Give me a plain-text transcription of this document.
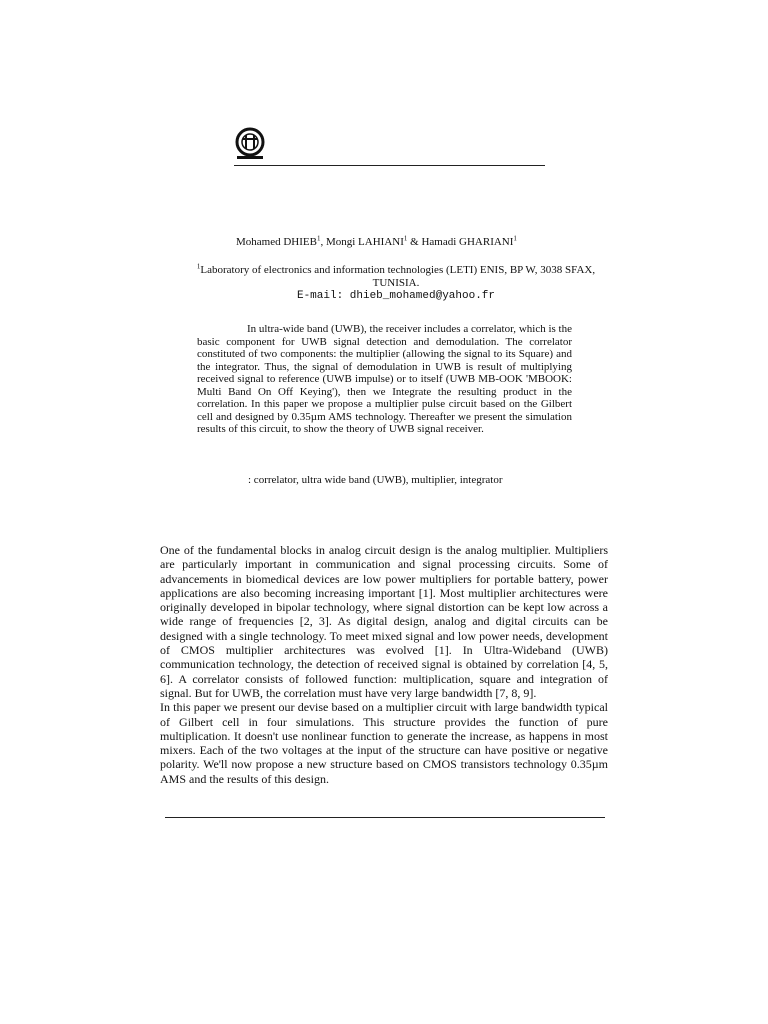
Mohamed DHIEB$^1$, Mongi LAHIANI$^1$ & Hamadi GHARIANI$^1$
$^1$Laboratory of electronics and information technologies (LETI) ENIS, BP W, 3038 SFAX, TUNISIA.
E-mail: dhieb_mohamed@yahoo.fr

In ultra-wide band (UWB), the receiver includes a correlator, which is the basic component for UWB signal detection and demodulation. The correlator constituted of two components: the multiplier (allowing the signal to its Square) and the integrator. Thus, the signal of demodulation in UWB is result of multiplying received signal to reference (UWB impulse) or to itself (UWB MB-OOK 'MBOOK: Multi Band On Off Keying'), then we Integrate the resulting product in the correlation. In this paper we propose a multiplier pulse circuit based on the Gilbert cell and designed by 0.35µm AMS technology. Thereafter we present the simulation results of this circuit, to show the theory of UWB signal receiver.

: correlator, ultra wide band (UWB), multiplier, integrator

One of the fundamental blocks in analog circuit design is the analog multiplier. Multipliers are particularly important in communication and signal processing circuits. Some of advancements in biomedical devices are low power multipliers for portable battery, power applications are also becoming increasing important [1]. Most multiplier architectures were originally developed in bipolar technology, where signal distortion can be kept low across a wide range of frequencies [2, 3]. As digital design, analog and digital circuits can be designed with a single technology. To meet mixed signal and low power needs, development of CMOS multiplier architectures was evolved [1]. In Ultra-Wideband (UWB) communication technology, the detection of received signal is obtained by correlation [4, 5, 6]. A correlator consists of followed function: multiplication, square and integration of signal. But for UWB, the correlation must have very large bandwidth [7, 8, 9].

In this paper we present our devise based on a multiplier circuit with large bandwidth typical of Gilbert cell in four simulations. This structure provides the function of pure multiplication. It doesn't use nonlinear function to generate the increase, as happens in most mixers. Each of the two voltages at the input of the structure can have positive or negative polarity. We'll now propose a new structure based on CMOS transistors technology 0.35µm AMS and the results of this design.
